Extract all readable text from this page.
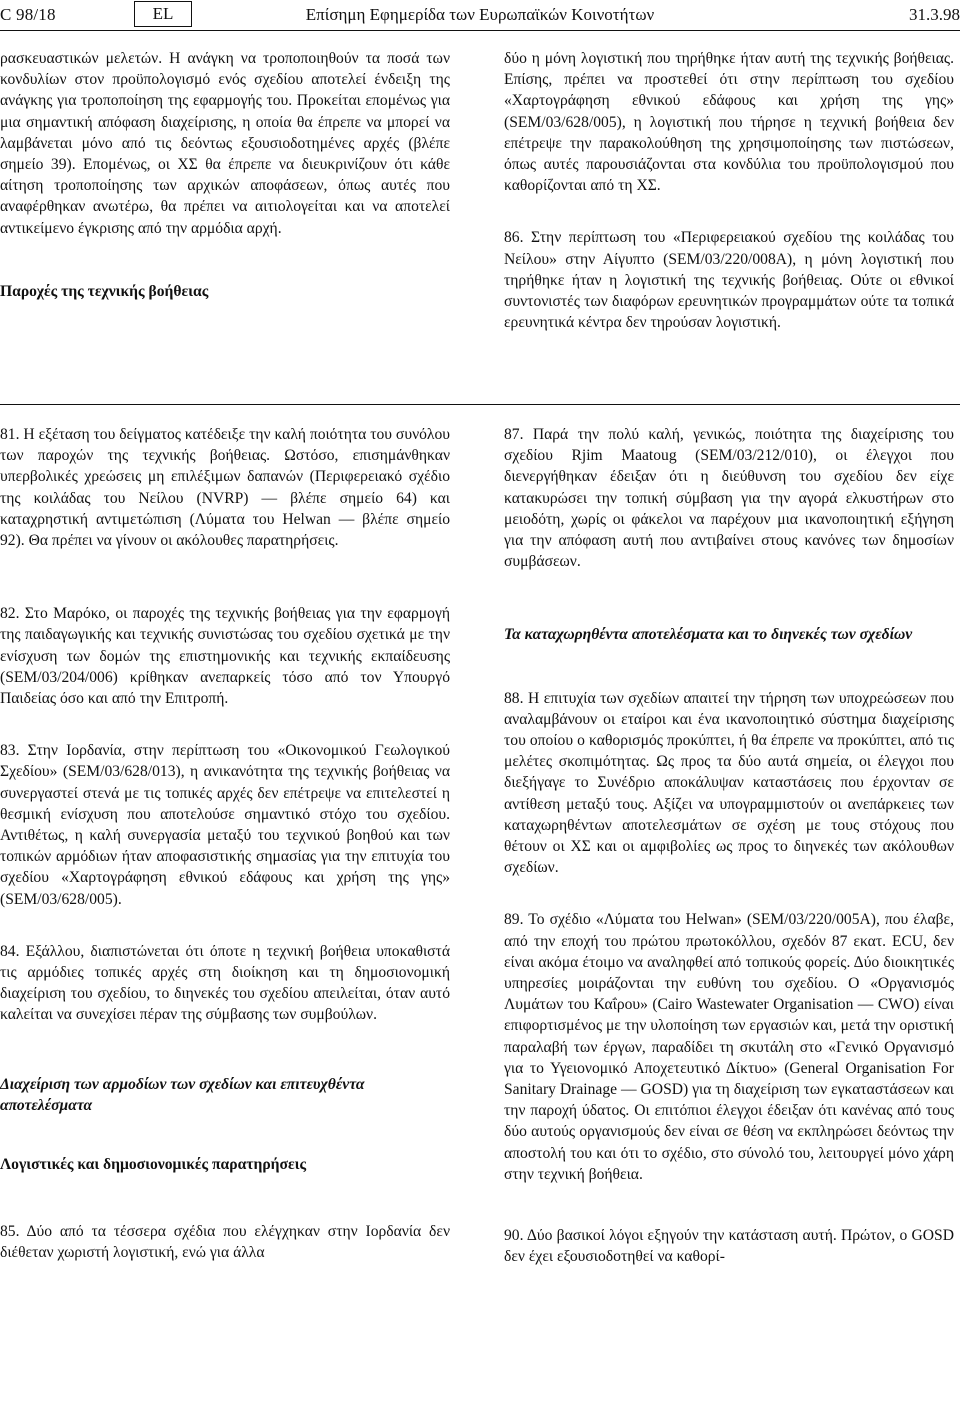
C 98/18	EL	Επίσημη Εφημερίδα των Ευρωπαϊκών Κοινοτήτων	31.3.98

ρασκευαστικών μελετών. Η ανάγκη να τροποποιηθούν τα ποσά των κονδυλίων στον προϋπολογισμό ενός σχεδίου αποτελεί ένδειξη της ανάγκης για τροποποίηση της εφαρμογής του. Προκείται επομένως για μια σημαντική απόφαση διαχείρισης, η οποία θα έπρεπε να μπορεί να λαμβάνεται μόνο από τις δεόντως εξουσιοδοτημένες αρχές (βλέπε σημείο 39). Επομένως, οι ΧΣ θα έπρεπε να διευκρινίζουν ότι κάθε αίτηση τροποποίησης των αρχικών αποφάσεων, όπως αυτές που αναφέρθηκαν ανωτέρω, θα πρέπει να αιτιολογείται και να αποτελεί αντικείμενο έγκρισης από την αρμόδια αρχή.

Παροχές της τεχνικής βοήθειας

δύο η μόνη λογιστική που τηρήθηκε ήταν αυτή της τεχνικής βοήθειας. Επίσης, πρέπει να προστεθεί ότι στην περίπτωση του σχεδίου «Χαρτογράφηση εθνικού εδάφους και χρήση της γης» (SEM/03/628/005), η λογιστική που τήρησε η τεχνική βοήθεια δεν επέτρεψε την παρακολούθηση της χρησιμοποίησης των πιστώσεων, όπως αυτές παρουσιάζονται στα κονδύλια του προϋπολογισμού που καθορίζονται από τη ΧΣ.

86. Στην περίπτωση του «Περιφερειακού σχεδίου της κοιλάδας του Νείλου» στην Αίγυπτο (SEM/03/220/008A), η μόνη λογιστική που τηρήθηκε ήταν η λογιστική της τεχνικής βοήθειας. Ούτε οι εθνικοί συντονιστές των διαφόρων ερευνητικών προγραμμάτων ούτε τα τοπικά ερευνητικά κέντρα δεν τηρούσαν λογιστική.

81. Η εξέταση του δείγματος κατέδειξε την καλή ποιότητα του συνόλου των παροχών της τεχνικής βοήθειας. Ωστόσο, επισημάνθηκαν υπερβολικές χρεώσεις μη επιλέξιμων δαπανών (Περιφερειακό σχέδιο της κοιλάδας του Νείλου (NVRP) — βλέπε σημείο 64) και καταχρηστική αντιμετώπιση (Λύματα του Helwan — βλέπε σημείο 92). Θα πρέπει να γίνουν οι ακόλουθες παρατηρήσεις.

82. Στο Μαρόκο, οι παροχές της τεχνικής βοήθειας για την εφαρμογή της παιδαγωγικής και τεχνικής συνιστώσας του σχεδίου σχετικά με την ενίσχυση των δομών της επιστημονικής και τεχνικής εκπαίδευσης (SEM/03/204/006) κρίθηκαν ανεπαρκείς τόσο από τον Υπουργό Παιδείας όσο και από την Επιτροπή.

83. Στην Ιορδανία, στην περίπτωση του «Οικονομικού Γεωλογικού Σχεδίου» (SEM/03/628/013), η ανικανότητα της τεχνικής βοήθειας να συνεργαστεί στενά με τις τοπικές αρχές δεν επέτρεψε να επιτελεστεί η θεσμική ενίσχυση που αποτελούσε σημαντικό στόχο του σχεδίου. Αντιθέτως, η καλή συνεργασία μεταξύ του τεχνικού βοηθού και των τοπικών αρμόδιων ήταν αποφασιστικής σημασίας για την επιτυχία του σχεδίου «Χαρτογράφηση εθνικού εδάφους και χρήση της γης» (SEM/03/628/005).

84. Εξάλλου, διαπιστώνεται ότι όποτε η τεχνική βοήθεια υποκαθιστά τις αρμόδιες τοπικές αρχές στη διοίκηση και τη δημοσιονομική διαχείριση του σχεδίου, το διηνεκές του σχεδίου απειλείται, όταν αυτό καλείται να συνεχίσει πέραν της σύμβασης των συμβούλων.

Διαχείριση των αρμοδίων των σχεδίων και επιτευχθέντα αποτελέσματα

Λογιστικές και δημοσιονομικές παρατηρήσεις

85. Δύο από τα τέσσερα σχέδια που ελέγχηκαν στην Ιορδανία δεν διέθεταν χωριστή λογιστική, ενώ για άλλα

87. Παρά την πολύ καλή, γενικώς, ποιότητα της διαχείρισης του σχεδίου Rjim Maatoug (SEM/03/212/010), οι έλεγχοι που διενεργήθηκαν έδειξαν ότι η διεύθυνση του σχεδίου δεν είχε κατακυρώσει την τοπική σύμβαση για την αγορά ελκυστήρων στο μειοδότη, χωρίς οι φάκελοι να παρέχουν μια ικανοποιητική εξήγηση για την απόφαση αυτή που αντιβαίνει στους κανόνες των δημοσίων συμβάσεων.

Τα καταχωρηθέντα αποτελέσματα και το διηνεκές των σχεδίων

88. Η επιτυχία των σχεδίων απαιτεί την τήρηση των υποχρεώσεων που αναλαμβάνουν οι εταίροι και ένα ικανοποιητικό σύστημα διαχείρισης του οποίου ο καθορισμός προκύπτει, ή θα έπρεπε να προκύπτει, από τις μελέτες σκοπιμότητας. Ως προς τα δύο αυτά σημεία, οι έλεγχοι που διεξήγαγε το Συνέδριο αποκάλυψαν καταστάσεις που έρχονταν σε αντίθεση μεταξύ τους. Αξίζει να υπογραμμιστούν οι ανεπάρκειες των καταχωρηθέντων αποτελεσμάτων σε σχέση με τους στόχους που θέτουν οι ΧΣ και οι αμφιβολίες ως προς το διηνεκές των ακόλουθων σχεδίων.

89. Το σχέδιο «Λύματα του Helwan» (SEM/03/220/005A), που έλαβε, από την εποχή του πρώτου πρωτοκόλλου, σχεδόν 87 εκατ. ECU, δεν είναι ακόμα έτοιμο να αναληφθεί από τοπικούς φορείς. Δύο διοικητικές υπηρεσίες μοιράζονται την ευθύνη του σχεδίου. Ο «Οργανισμός Λυμάτων του Καΐρου» (Cairo Wastewater Organisation — CWO) είναι επιφορτισμένος με την υλοποίηση των εργασιών και, μετά την οριστική παραλαβή των έργων, παραδίδει τη σκυτάλη στο «Γενικό Οργανισμό για το Υγειονομικό Αποχετευτικό Δίκτυο» (General Organisation For Sanitary Drainage — GOSD) για τη διαχείριση των εγκαταστάσεων και την παροχή ύδατος. Οι επιτόπιοι έλεγχοι έδειξαν ότι κανένας από τους δύο αυτούς οργανισμούς δεν είναι σε θέση να εκπληρώσει δεόντως την αποστολή του και ότι το σχέδιο, στο σύνολό του, λειτουργεί μόνο χάρη στην τεχνική βοήθεια.

90. Δύο βασικοί λόγοι εξηγούν την κατάσταση αυτή. Πρώτον, ο GOSD δεν έχει εξουσιοδοτηθεί να καθορί-
